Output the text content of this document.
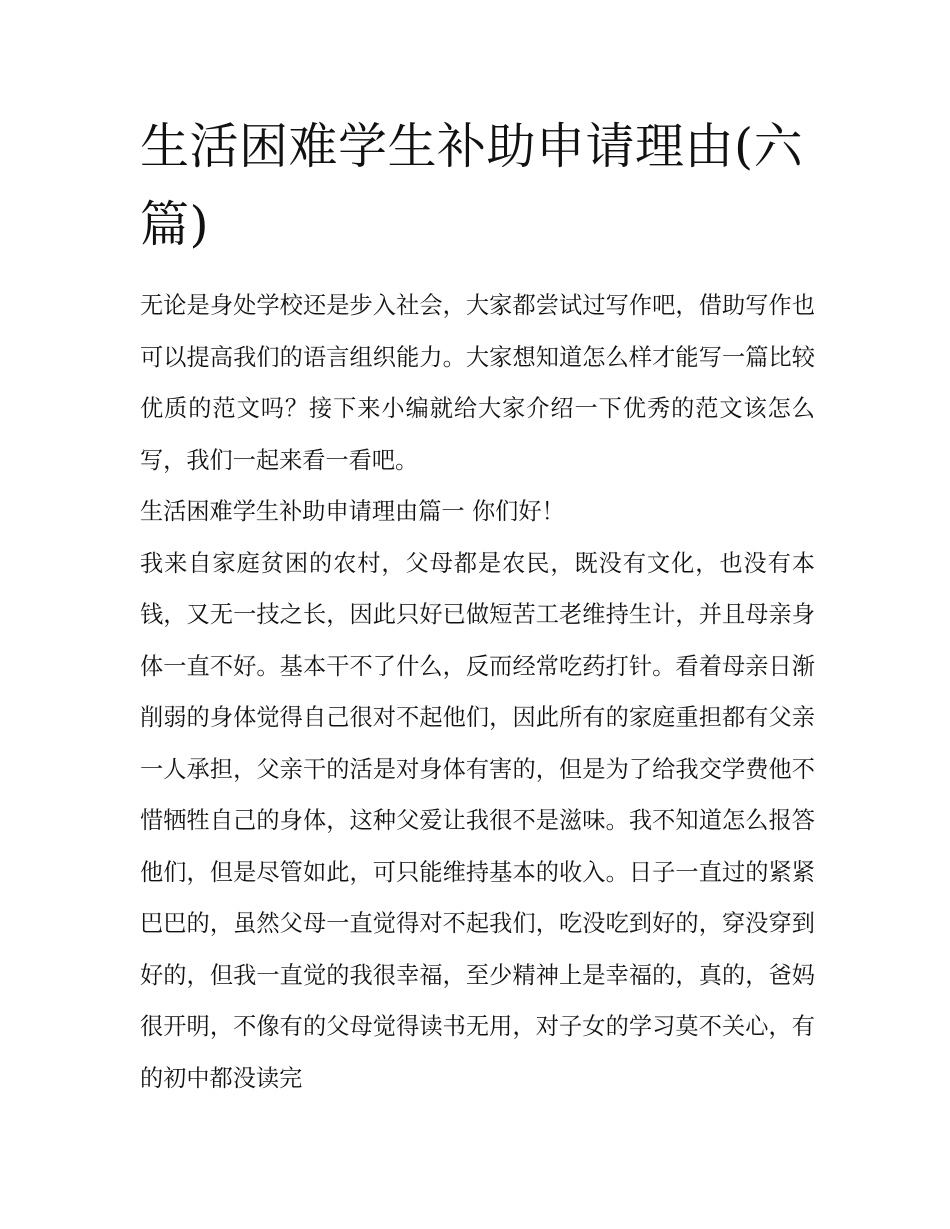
生活困难学生补助申请理由(六篇)

无论是身处学校还是步入社会，大家都尝试过写作吧，借助写作也可以提高我们的语言组织能力。大家想知道怎么样才能写一篇比较优质的范文吗？接下来小编就给大家介绍一下优秀的范文该怎么写，我们一起来看一看吧。

生活困难学生补助申请理由篇一 你们好！

我来自家庭贫困的农村，父母都是农民，既没有文化，也没有本钱，又无一技之长，因此只好已做短苦工老维持生计，并且母亲身体一直不好。基本干不了什么，反而经常吃药打针。看着母亲日渐削弱的身体觉得自己很对不起他们，因此所有的家庭重担都有父亲一人承担，父亲干的活是对身体有害的，但是为了给我交学费他不惜牺牲自己的身体，这种父爱让我很不是滋味。我不知道怎么报答他们，但是尽管如此，可只能维持基本的收入。日子一直过的紧紧巴巴的，虽然父母一直觉得对不起我们，吃没吃到好的，穿没穿到好的，但我一直觉的我很幸福，至少精神上是幸福的，真的，爸妈很开明，不像有的父母觉得读书无用，对子女的学习莫不关心，有的初中都没读完
